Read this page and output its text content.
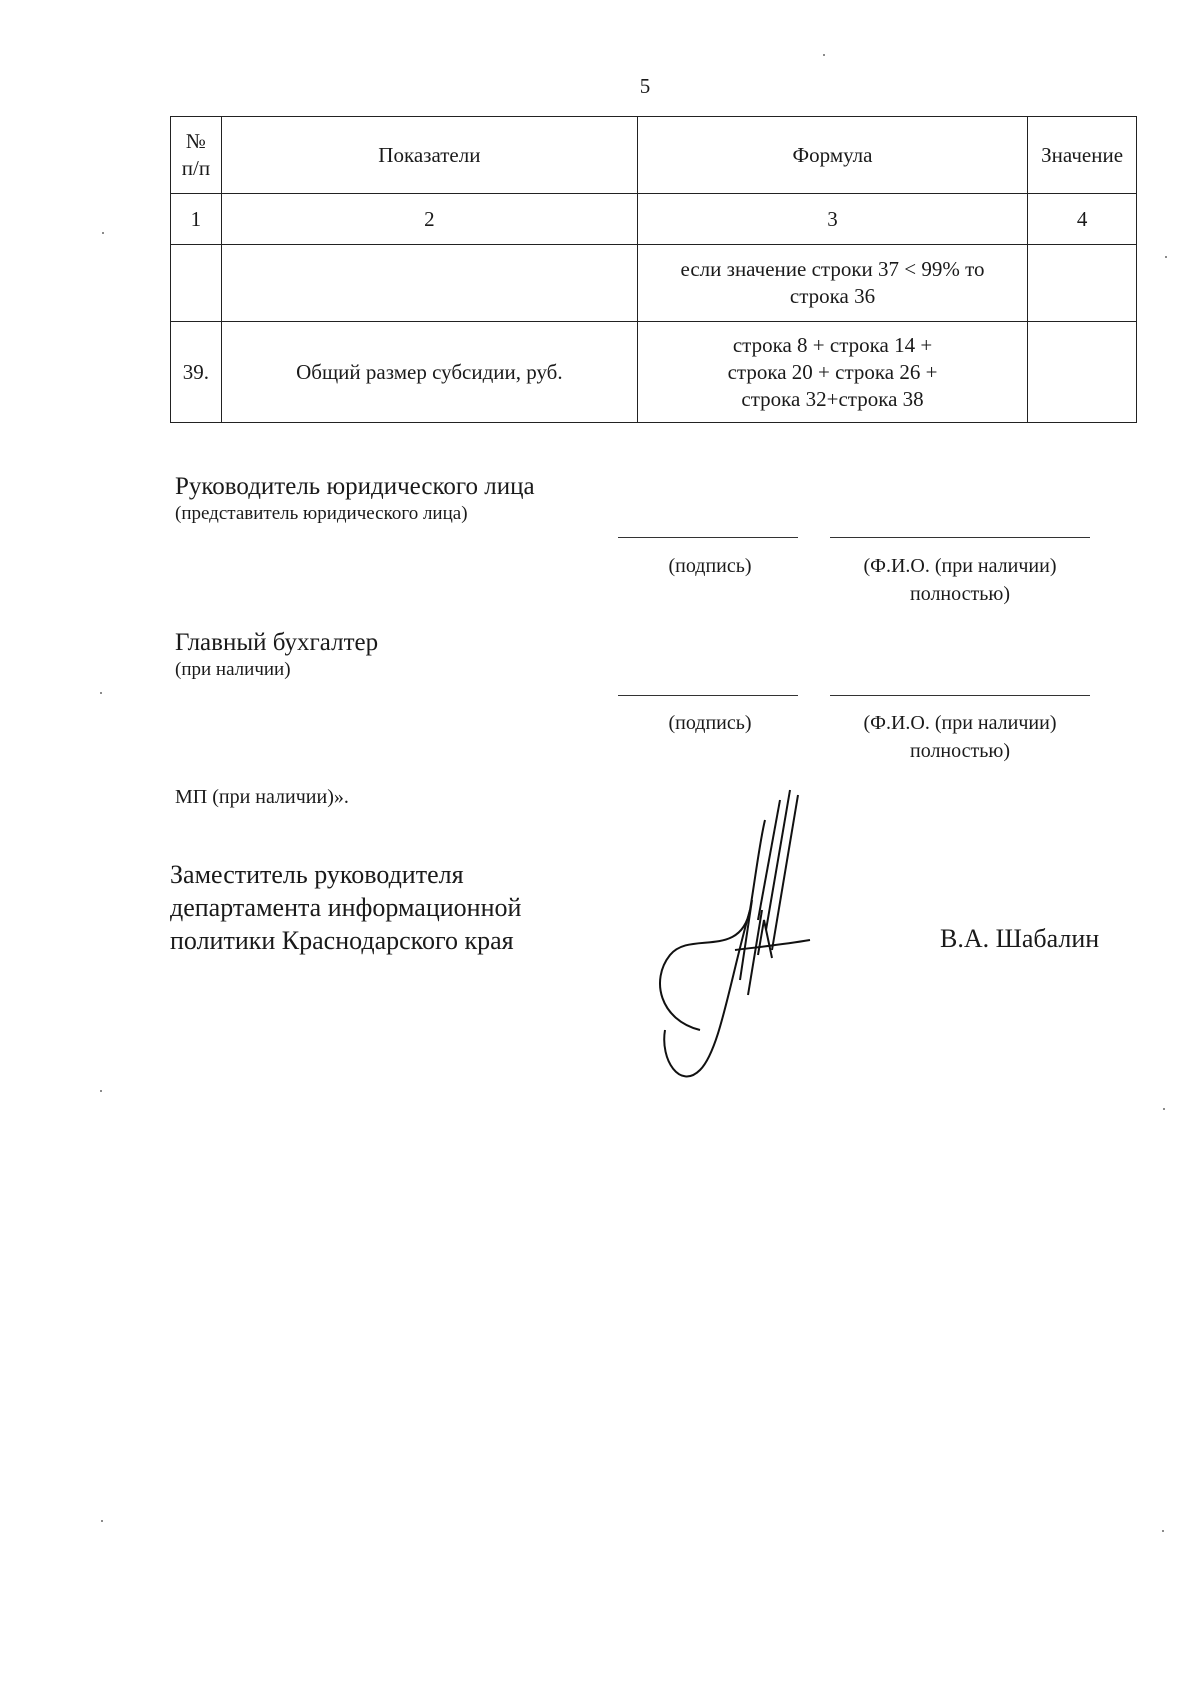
5
№
п/п	Показатели	Формула	Значение
1	2	3	4

		если значение строки 37 < 99% то
строка 36	

39.	Общий размер субсидии, руб.	строка 8 + строка 14 +
строка 20 + строка 26 +
строка 32+строка 38	

Руководитель юридического лица
(представитель юридического лица)
(подпись)	(Ф.И.О. (при наличии)
полностью)
Главный бухгалтер
(при наличии)
(подпись)	(Ф.И.О. (при наличии)
полностью)
МП (при наличии)».
Заместитель руководителя
департамента информационной
политики Краснодарского края	В.А. Шабалин
